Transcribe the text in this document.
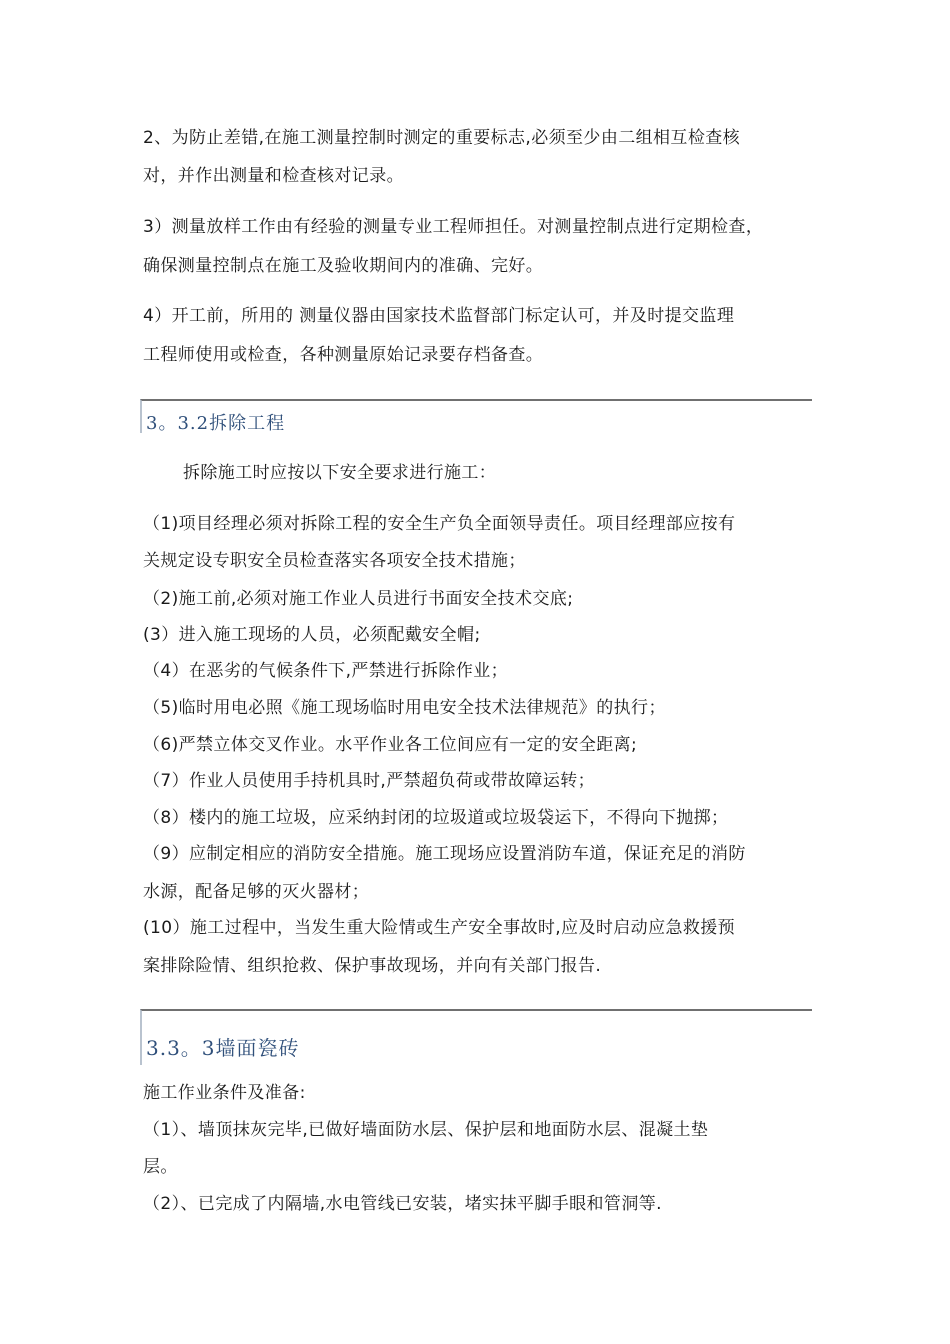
2、为防止差错,在施工测量控制时测定的重要标志,必须至少由二组相互检查核
对，并作出测量和检查核对记录。
3）测量放样工作由有经验的测量专业工程师担任。对测量控制点进行定期检查，
确保测量控制点在施工及验收期间内的准确、完好。
4）开工前，所用的 测量仪器由国家技术监督部门标定认可，并及时提交监理
工程师使用或检查，各种测量原始记录要存档备查。
3。3.2拆除工程
拆除施工时应按以下安全要求进行施工：
（1)项目经理必须对拆除工程的安全生产负全面领导责任。项目经理部应按有
关规定设专职安全员检查落实各项安全技术措施；
（2)施工前,必须对施工作业人员进行书面安全技术交底;
(3）进入施工现场的人员，必须配戴安全帽;
（4）在恶劣的气候条件下,严禁进行拆除作业；
（5)临时用电必照《施工现场临时用电安全技术法律规范》的执行；
（6)严禁立体交叉作业。水平作业各工位间应有一定的安全距离;
（7）作业人员使用手持机具时,严禁超负荷或带故障运转；
（8）楼内的施工垃圾，应采纳封闭的垃圾道或垃圾袋运下，不得向下抛掷；
（9）应制定相应的消防安全措施。施工现场应设置消防车道，保证充足的消防
水源，配备足够的灭火器材；
(10）施工过程中，当发生重大险情或生产安全事故时,应及时启动应急救援预
案排除险情、组织抢救、保护事故现场，并向有关部门报告.
3.3。3墙面瓷砖
施工作业条件及准备:
（1）、墙顶抹灰完毕,已做好墙面防水层、保护层和地面防水层、混凝土垫
层。
（2）、已完成了内隔墙,水电管线已安装，堵实抹平脚手眼和管洞等.
